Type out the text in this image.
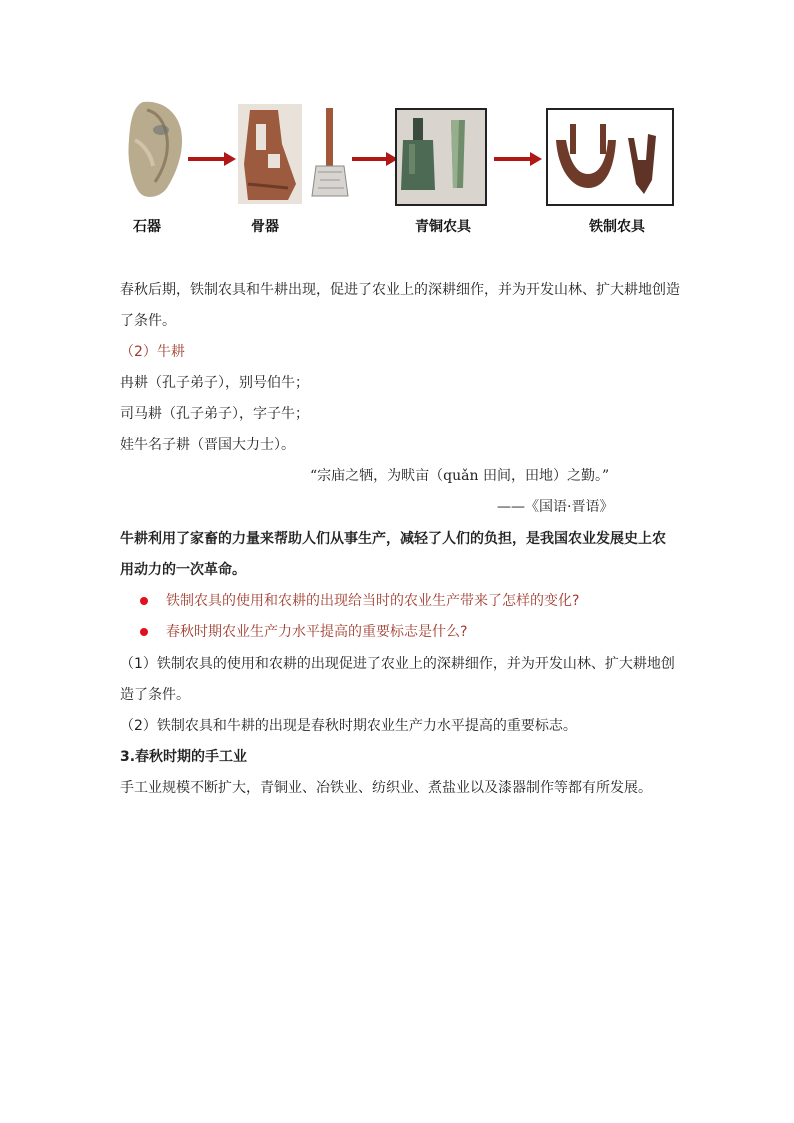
石器	骨器	青铜农具	铁制农具
春秋后期，铁制农具和牛耕出现，促进了农业上的深耕细作，并为开发山林、扩大耕地创造
了条件。
（2）牛耕
冉耕（孔子弟子），别号伯牛；
司马耕（孔子弟子），字子牛；
娃牛名子耕（晋国大力士）。
“宗庙之牺，为畎亩（quǎn 田间，田地）之勤。”
——《国语·晋语》
牛耕利用了家畜的力量来帮助人们从事生产，减轻了人们的负担，是我国农业发展史上农
用动力的一次革命。
铁制农具的使用和农耕的出现给当时的农业生产带来了怎样的变化?
春秋时期农业生产力水平提高的重要标志是什么?
（1）铁制农具的使用和农耕的出现促进了农业上的深耕细作，并为开发山林、扩大耕地创
造了条件。
（2）铁制农具和牛耕的出现是春秋时期农业生产力水平提高的重要标志。
3.春秋时期的手工业
手工业规模不断扩大，青铜业、冶铁业、纺织业、煮盐业以及漆器制作等都有所发展。
